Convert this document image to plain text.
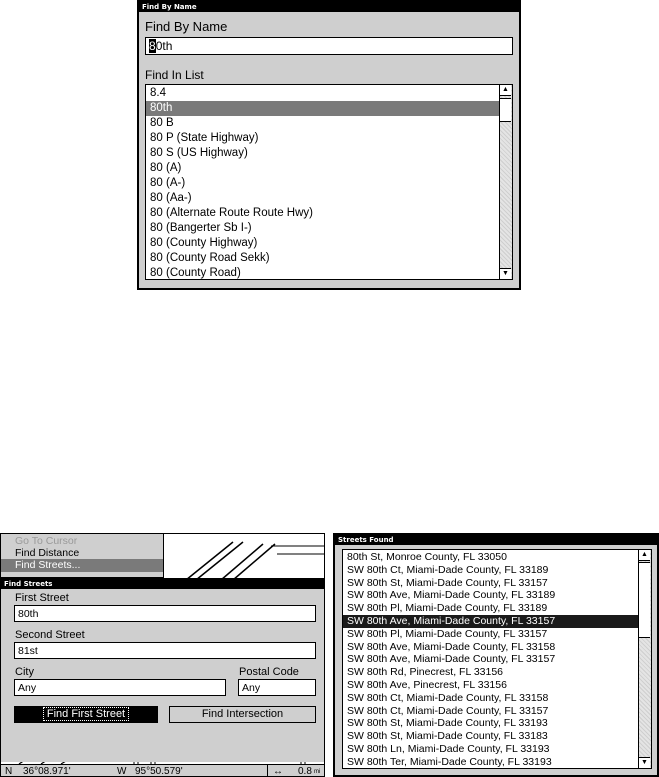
Find By Name
Find By Name
80th
Find In List
8.4
80th
80 B
80 P (State Highway)
80 S (US Highway)
80 (A)
80 (A-)
80 (Aa-)
80 (Alternate Route Route Hwy)
80 (Bangerter Sb I-)
80 (County Highway)
80 (County Road Sekk)
80 (County Road)
▲
▼
Go To Cursor
Find Distance
Find Streets...
Find Streets
First Street
80th
Second Street
81st
City	Postal Code
Any	Any
Find First Street	Find Intersection
N 36°08.971'	W 95°50.579'	↔ 0.8 mi
Streets Found
80th St, Monroe County, FL 33050
SW 80th Ct, Miami-Dade County, FL 33189
SW 80th St, Miami-Dade County, FL 33157
SW 80th Ave, Miami-Dade County, FL 33189
SW 80th Pl, Miami-Dade County, FL 33189
SW 80th Ave, Miami-Dade County, FL 33157
SW 80th Pl, Miami-Dade County, FL 33157
SW 80th Ave, Miami-Dade County, FL 33158
SW 80th Ave, Miami-Dade County, FL 33157
SW 80th Rd, Pinecrest, FL 33156
SW 80th Ave, Pinecrest, FL 33156
SW 80th Ct, Miami-Dade County, FL 33158
SW 80th Ct, Miami-Dade County, FL 33157
SW 80th St, Miami-Dade County, FL 33193
SW 80th St, Miami-Dade County, FL 33183
SW 80th Ln, Miami-Dade County, FL 33193
SW 80th Ter, Miami-Dade County, FL 33193
▲
▼
